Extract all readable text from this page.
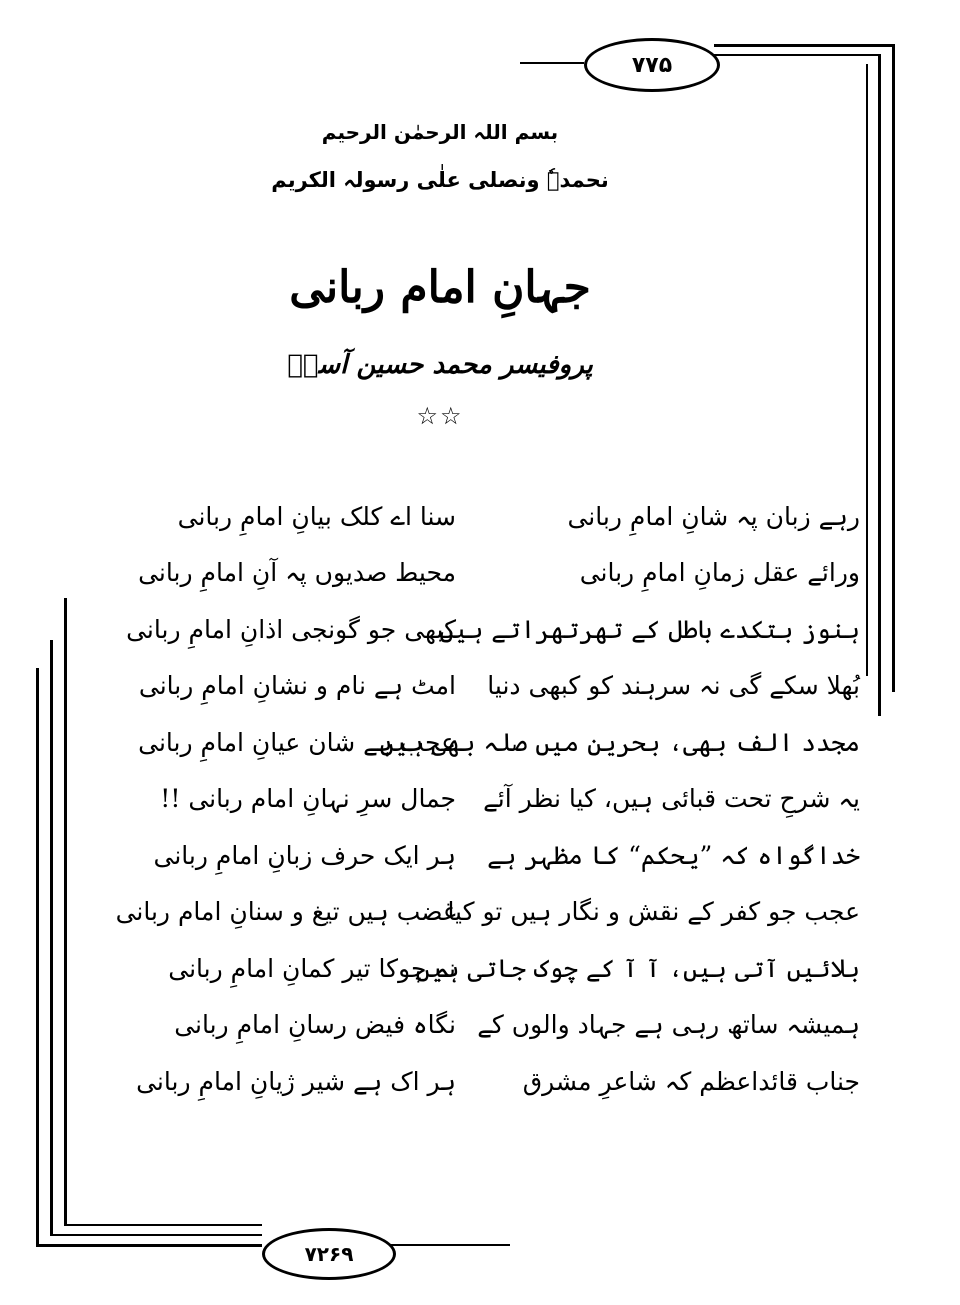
۷۷۵
۷۲۶۹
بسم اللہ الرحمٰن الرحیم
نحمدہٗ ونصلی علٰی رسولہ الکریم
جہانِ امام ربانی
پروفیسر محمد حسین آسیؔ
☆☆
رہے زبان پہ شانِ امامِ ربانی
سنا اے کلک بیانِ امامِ ربانی
ورائے عقل زمانِ امامِ ربانی
محیط صدیوں پہ آنِ امامِ ربانی
ہنوز بتکدے باطل کے تھرتھراتے ہیں
کبھی جو گونجی اذانِ امامِ ربانی
بُھلا سکے گی نہ سرہند کو کبھی دنیا
امٹ ہے نام و نشانِ امامِ ربانی
مجدد الف بھی، بحرین میں صلہ بھی ہیں
عجب ہے شان عیانِ امامِ ربانی
یہ شرحِ تحت قبائی ہیں، کیا نظر آئے
جمال سرِ نہانِ امام ربانی !!
خداگواہ کہ ”یحکم“ کا مظہر ہے
ہر ایک حرف زبانِ امامِ ربانی
عجب جو کفر کے نقش و نگار ہیں تو کیا
غضب ہیں تیغ و سنانِ امام ربانی
بلائیں آتی ہیں، آ آ کے چوک جاتی ہیں
نہ چوکا تیر کمانِ امامِ ربانی
ہمیشہ ساتھ رہی ہے جہاد والوں کے
نگاہ فیض رسانِ امامِ ربانی
جناب قائداعظم کہ شاعرِ مشرق
ہر اک ہے شیر ژیانِ امامِ ربانی
